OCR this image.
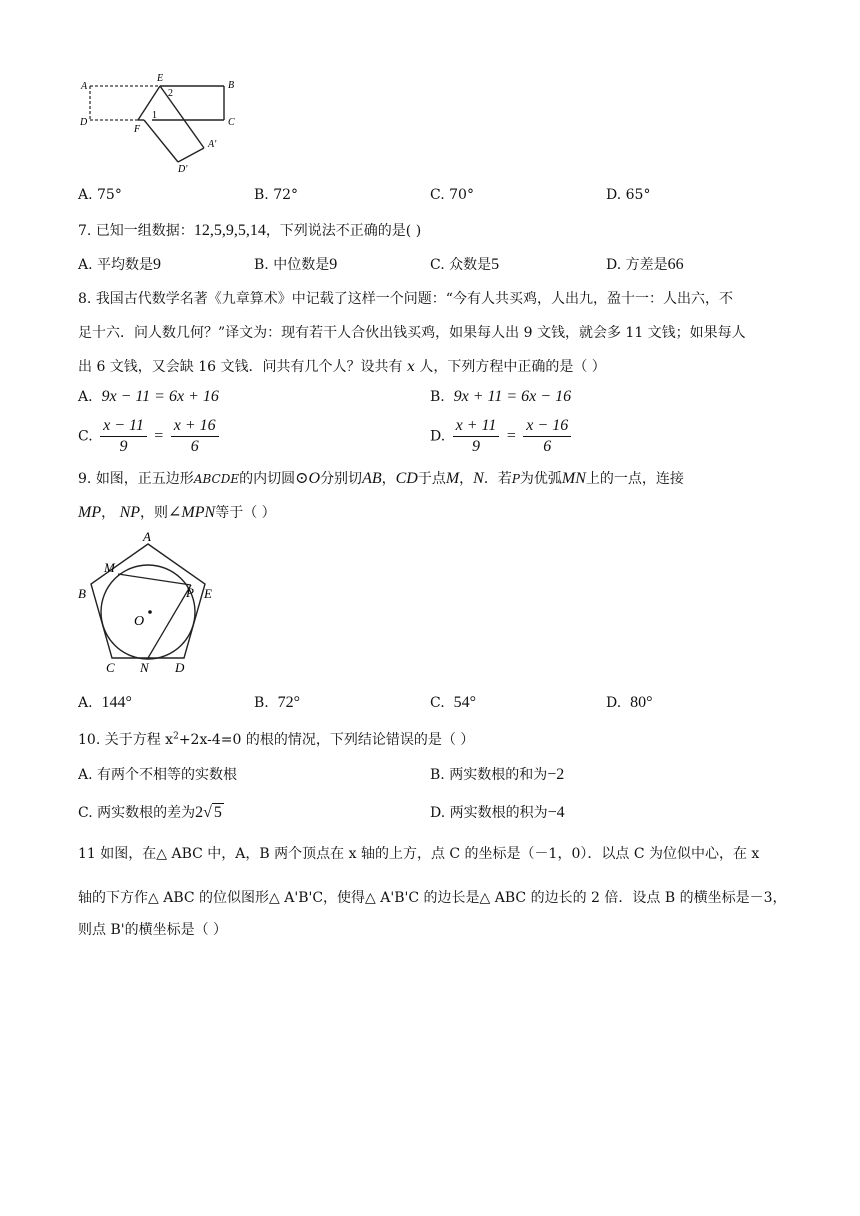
A
E
2
B
D
1
F
C
A'
D'
A. 75°	B. 72°	C. 70°	D. 65°
7. 已知一组数据：12,5,9,5,14，下列说法不正确的是( )
A. 平均数是9	B. 中位数是9	C. 众数是5	D. 方差是66
8. 我国古代数学名著《九章算术》中记载了这样一个问题：“今有人共买鸡，人出九，盈十一：人出六，不
足十六．问人数几何？”译文为：现有若干人合伙出钱买鸡，如果每人出 9 文钱，就会多 11 文钱；如果每人
出 6 文钱，又会缺 16 文钱．问共有几个人？设共有 x 人，下列方程中正确的是（ ）
A. 9x − 11 = 6x + 16	B. 9x + 11 = 6x − 16
C. $\frac{x - 11}{9} = \frac{x + 16}{6}$	D. $\frac{x + 11}{9} = \frac{x - 16}{6}$
9. 如图，正五边形ABCDE的内切圆⊙O分别切AB，CD于点M，N．若P为优弧MN上的一点，连接
MP， NP，则∠MPN等于（ ）
A
M
B	P E
O
C N D
A. 144°	B. 72°	C. 54°	D. 80°
10. 关于方程 $x^2+2x-4=0$ 的根的情况，下列结论错误的是（ ）
A. 有两个不相等的实数根	B. 两实数根的和为−2
C. 两实数根的差为2√ 5	D. 两实数根的积为−4
11 如图，在△ ABC 中，A，B 两个顶点在 x 轴的上方，点 C 的坐标是（－1，0）．以点 C 为位似中心，在 x
轴的下方作△ ABC 的位似图形△ A'B'C，使得△ A'B'C 的边长是△ ABC 的边长的 2 倍．设点 B 的横坐标是－3，
则点 B'的横坐标是（ ）
